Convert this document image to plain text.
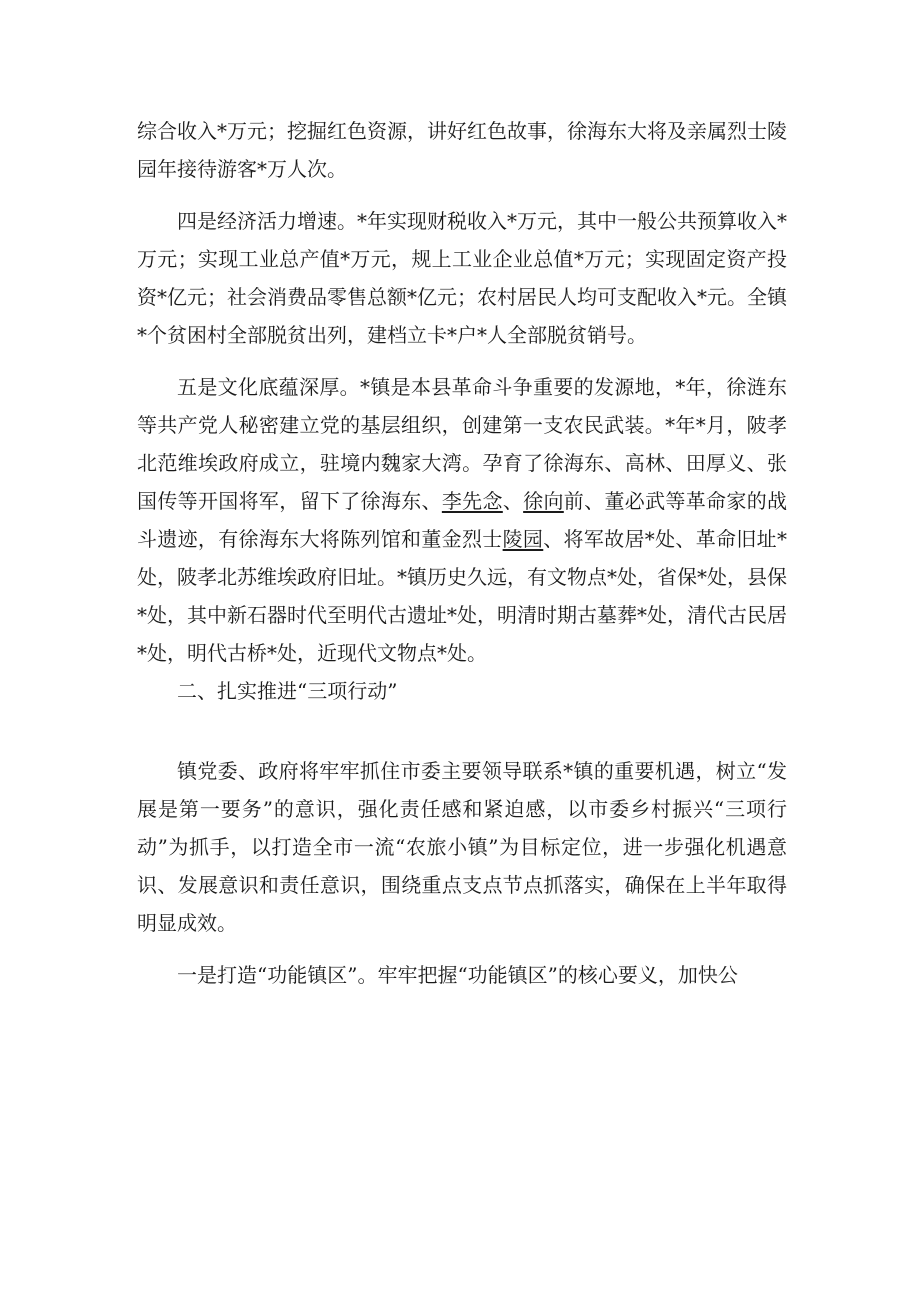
综合收入*万元；挖掘红色资源，讲好红色故事，徐海东大将及亲属烈士陵园年接待游客*万人次。

四是经济活力增速。*年实现财税收入*万元，其中一般公共预算收入*万元；实现工业总产值*万元，规上工业企业总值*万元；实现固定资产投资*亿元；社会消费品零售总额*亿元；农村居民人均可支配收入*元。全镇*个贫困村全部脱贫出列，建档立卡*户*人全部脱贫销号。

五是文化底蕴深厚。*镇是本县革命斗争重要的发源地，*年，徐涟东等共产党人秘密建立党的基层组织，创建第一支农民武装。*年*月，陂孝北范维埃政府成立，驻境内魏家大湾。孕育了徐海东、高林、田厚义、张国传等开国将军，留下了徐海东、李先念、徐向前、董必武等革命家的战斗遗迹，有徐海东大将陈列馆和董金烈士陵园、将军故居*处、革命旧址*处，陂孝北苏维埃政府旧址。*镇历史久远，有文物点*处，省保*处，县保*处，其中新石器时代至明代古遗址*处，明清时期古墓葬*处，清代古民居*处，明代古桥*处，近现代文物点*处。

二、扎实推进“三项行动”

镇党委、政府将牢牢抓住市委主要领导联系*镇的重要机遇，树立“发展是第一要务”的意识，强化责任感和紧迫感，以市委乡村振兴“三项行动”为抓手，以打造全市一流“农旅小镇”为目标定位，进一步强化机遇意识、发展意识和责任意识，围绕重点支点节点抓落实，确保在上半年取得明显成效。

一是打造“功能镇区”。牢牢把握“功能镇区”的核心要义，加快公
